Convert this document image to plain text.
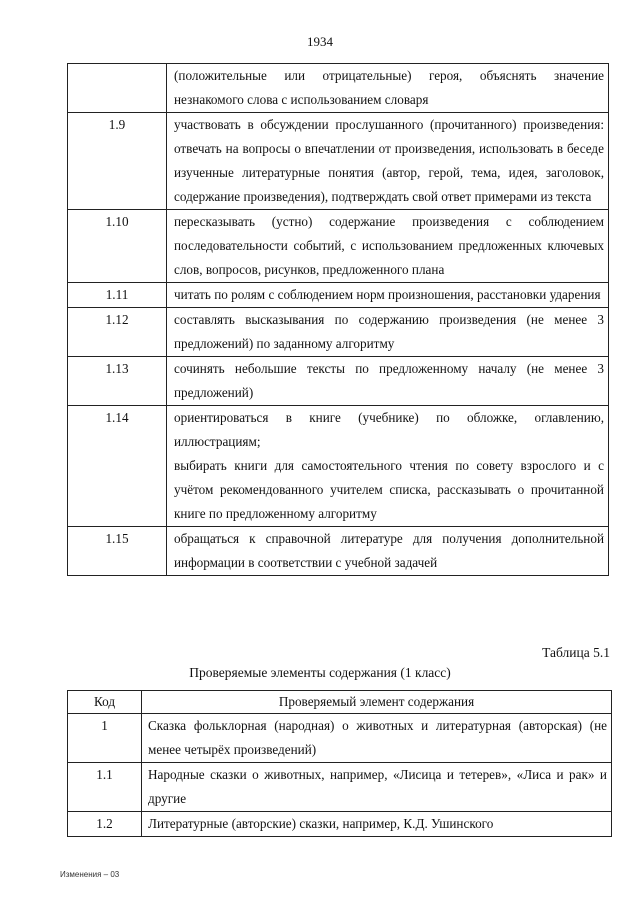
1934
	(положительные или отрицательные) героя, объяснять значение незнакомого слова с использованием словаря
1.9	участвовать в обсуждении прослушанного (прочитанного) произведения: отвечать на вопросы о впечатлении от произведения, использовать в беседе изученные литературные понятия (автор, герой, тема, идея, заголовок, содержание произведения), подтверждать свой ответ примерами из текста
1.10	пересказывать (устно) содержание произведения с соблюдением последовательности событий, с использованием предложенных ключевых слов, вопросов, рисунков, предложенного плана
1.11	читать по ролям с соблюдением норм произношения, расстановки ударения
1.12	составлять высказывания по содержанию произведения (не менее 3 предложений) по заданному алгоритму
1.13	сочинять небольшие тексты по предложенному началу (не менее 3 предложений)
1.14	ориентироваться в книге (учебнике) по обложке, оглавлению, иллюстрациям;
выбирать книги для самостоятельного чтения по совету взрослого и с учётом рекомендованного учителем списка, рассказывать о прочитанной книге по предложенному алгоритму

1.15	обращаться к справочной литературе для получения дополнительной информации в соответствии с учебной задачей
Таблица 5.1
Проверяемые элементы содержания (1 класс)
Код	Проверяемый элемент содержания
1	Сказка фольклорная (народная) о животных и литературная (авторская) (не менее четырёх произведений)
1.1	Народные сказки о животных, например, «Лисица и тетерев», «Лиса и рак» и другие
1.2	Литературные (авторские) сказки, например, К.Д. Ушинского
Изменения – 03
